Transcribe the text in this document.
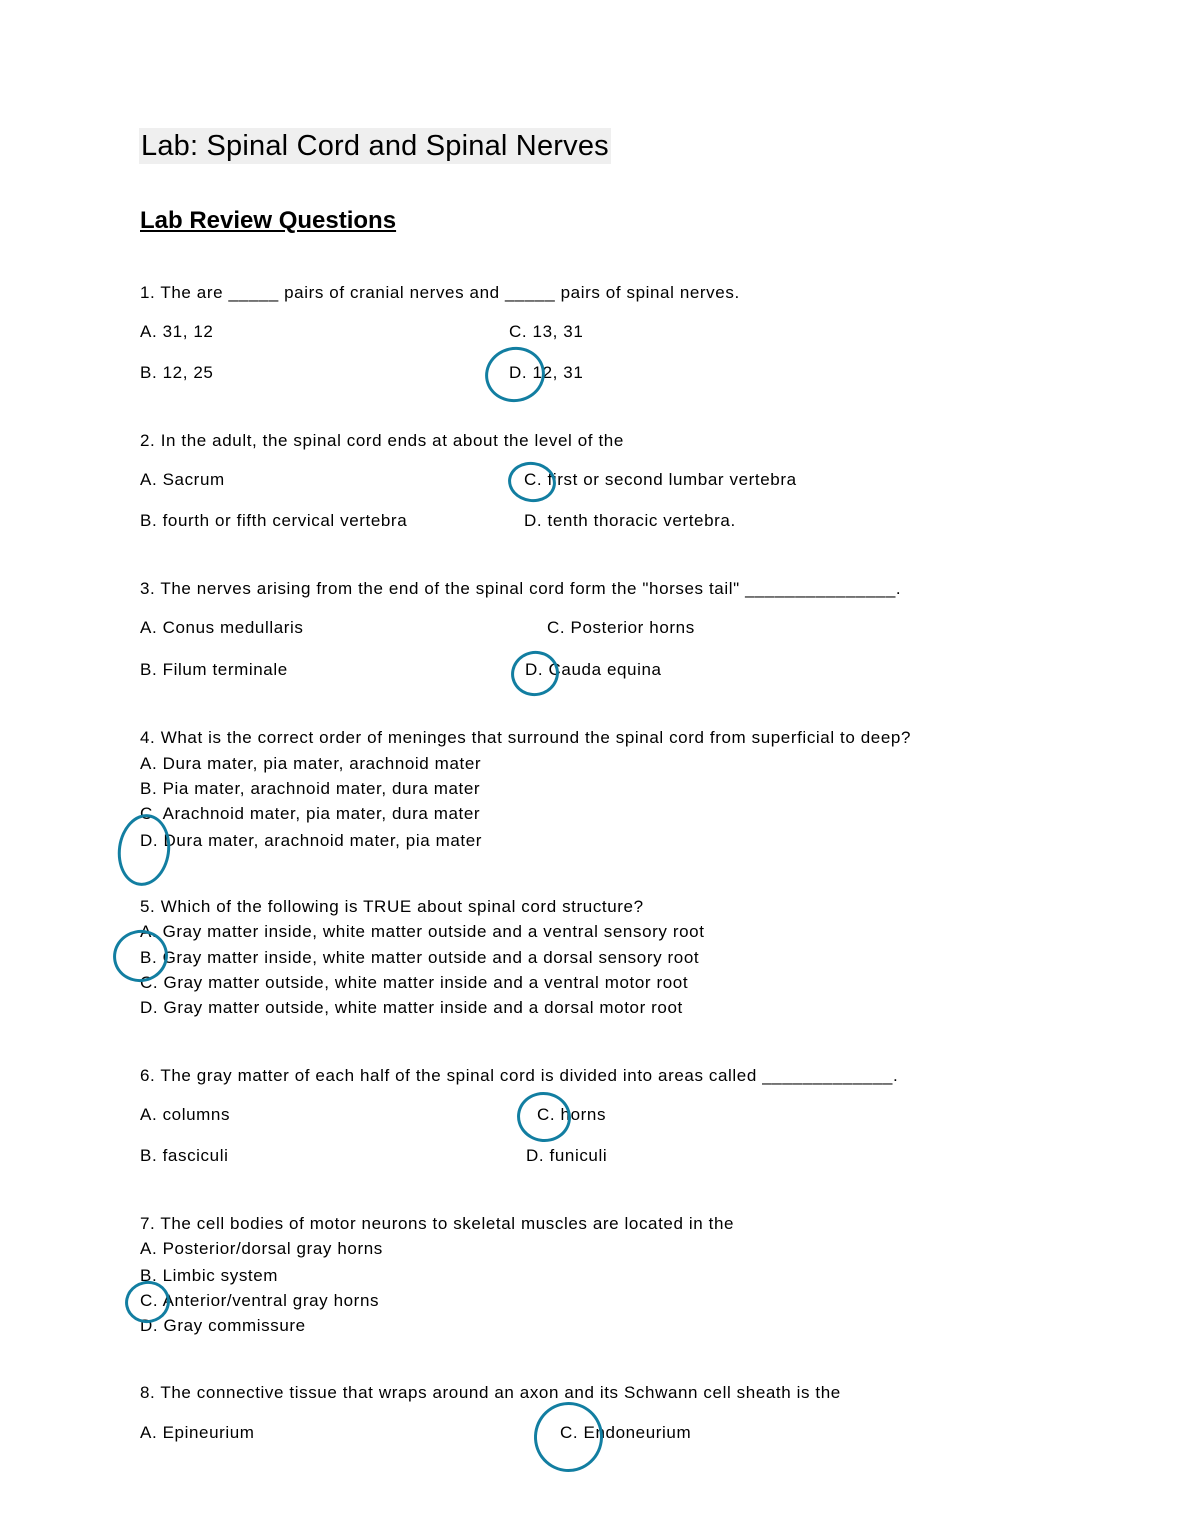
Lab: Spinal Cord and Spinal Nerves
Lab Review Questions
1. The are _____ pairs of cranial nerves and _____ pairs of spinal nerves.
A. 31, 12	C. 13, 31
B. 12, 25	D. 12, 31
2. In the adult, the spinal cord ends at about the level of the
A. Sacrum	C. first or second lumbar vertebra
B. fourth or fifth cervical vertebra	D. tenth thoracic vertebra.
3. The nerves arising from the end of the spinal cord form the "horses tail" _______________.
A. Conus medullaris	C. Posterior horns
B. Filum terminale	D. Cauda equina
4. What is the correct order of meninges that surround the spinal cord from superficial to deep?
A. Dura mater, pia mater, arachnoid mater
B. Pia mater, arachnoid mater, dura mater
C. Arachnoid mater, pia mater, dura mater
D. Dura mater, arachnoid mater, pia mater
5. Which of the following is TRUE about spinal cord structure?
A. Gray matter inside, white matter outside and a ventral sensory root
B. Gray matter inside, white matter outside and a dorsal sensory root
C. Gray matter outside, white matter inside and a ventral motor root
D. Gray matter outside, white matter inside and a dorsal motor root
6. The gray matter of each half of the spinal cord is divided into areas called _____________.
A. columns	C. horns
B. fasciculi	D. funiculi
7. The cell bodies of motor neurons to skeletal muscles are located in the
A. Posterior/dorsal gray horns
B. Limbic system
C. Anterior/ventral gray horns
D. Gray commissure
8. The connective tissue that wraps around an axon and its Schwann cell sheath is the
A. Epineurium	C. Endoneurium
